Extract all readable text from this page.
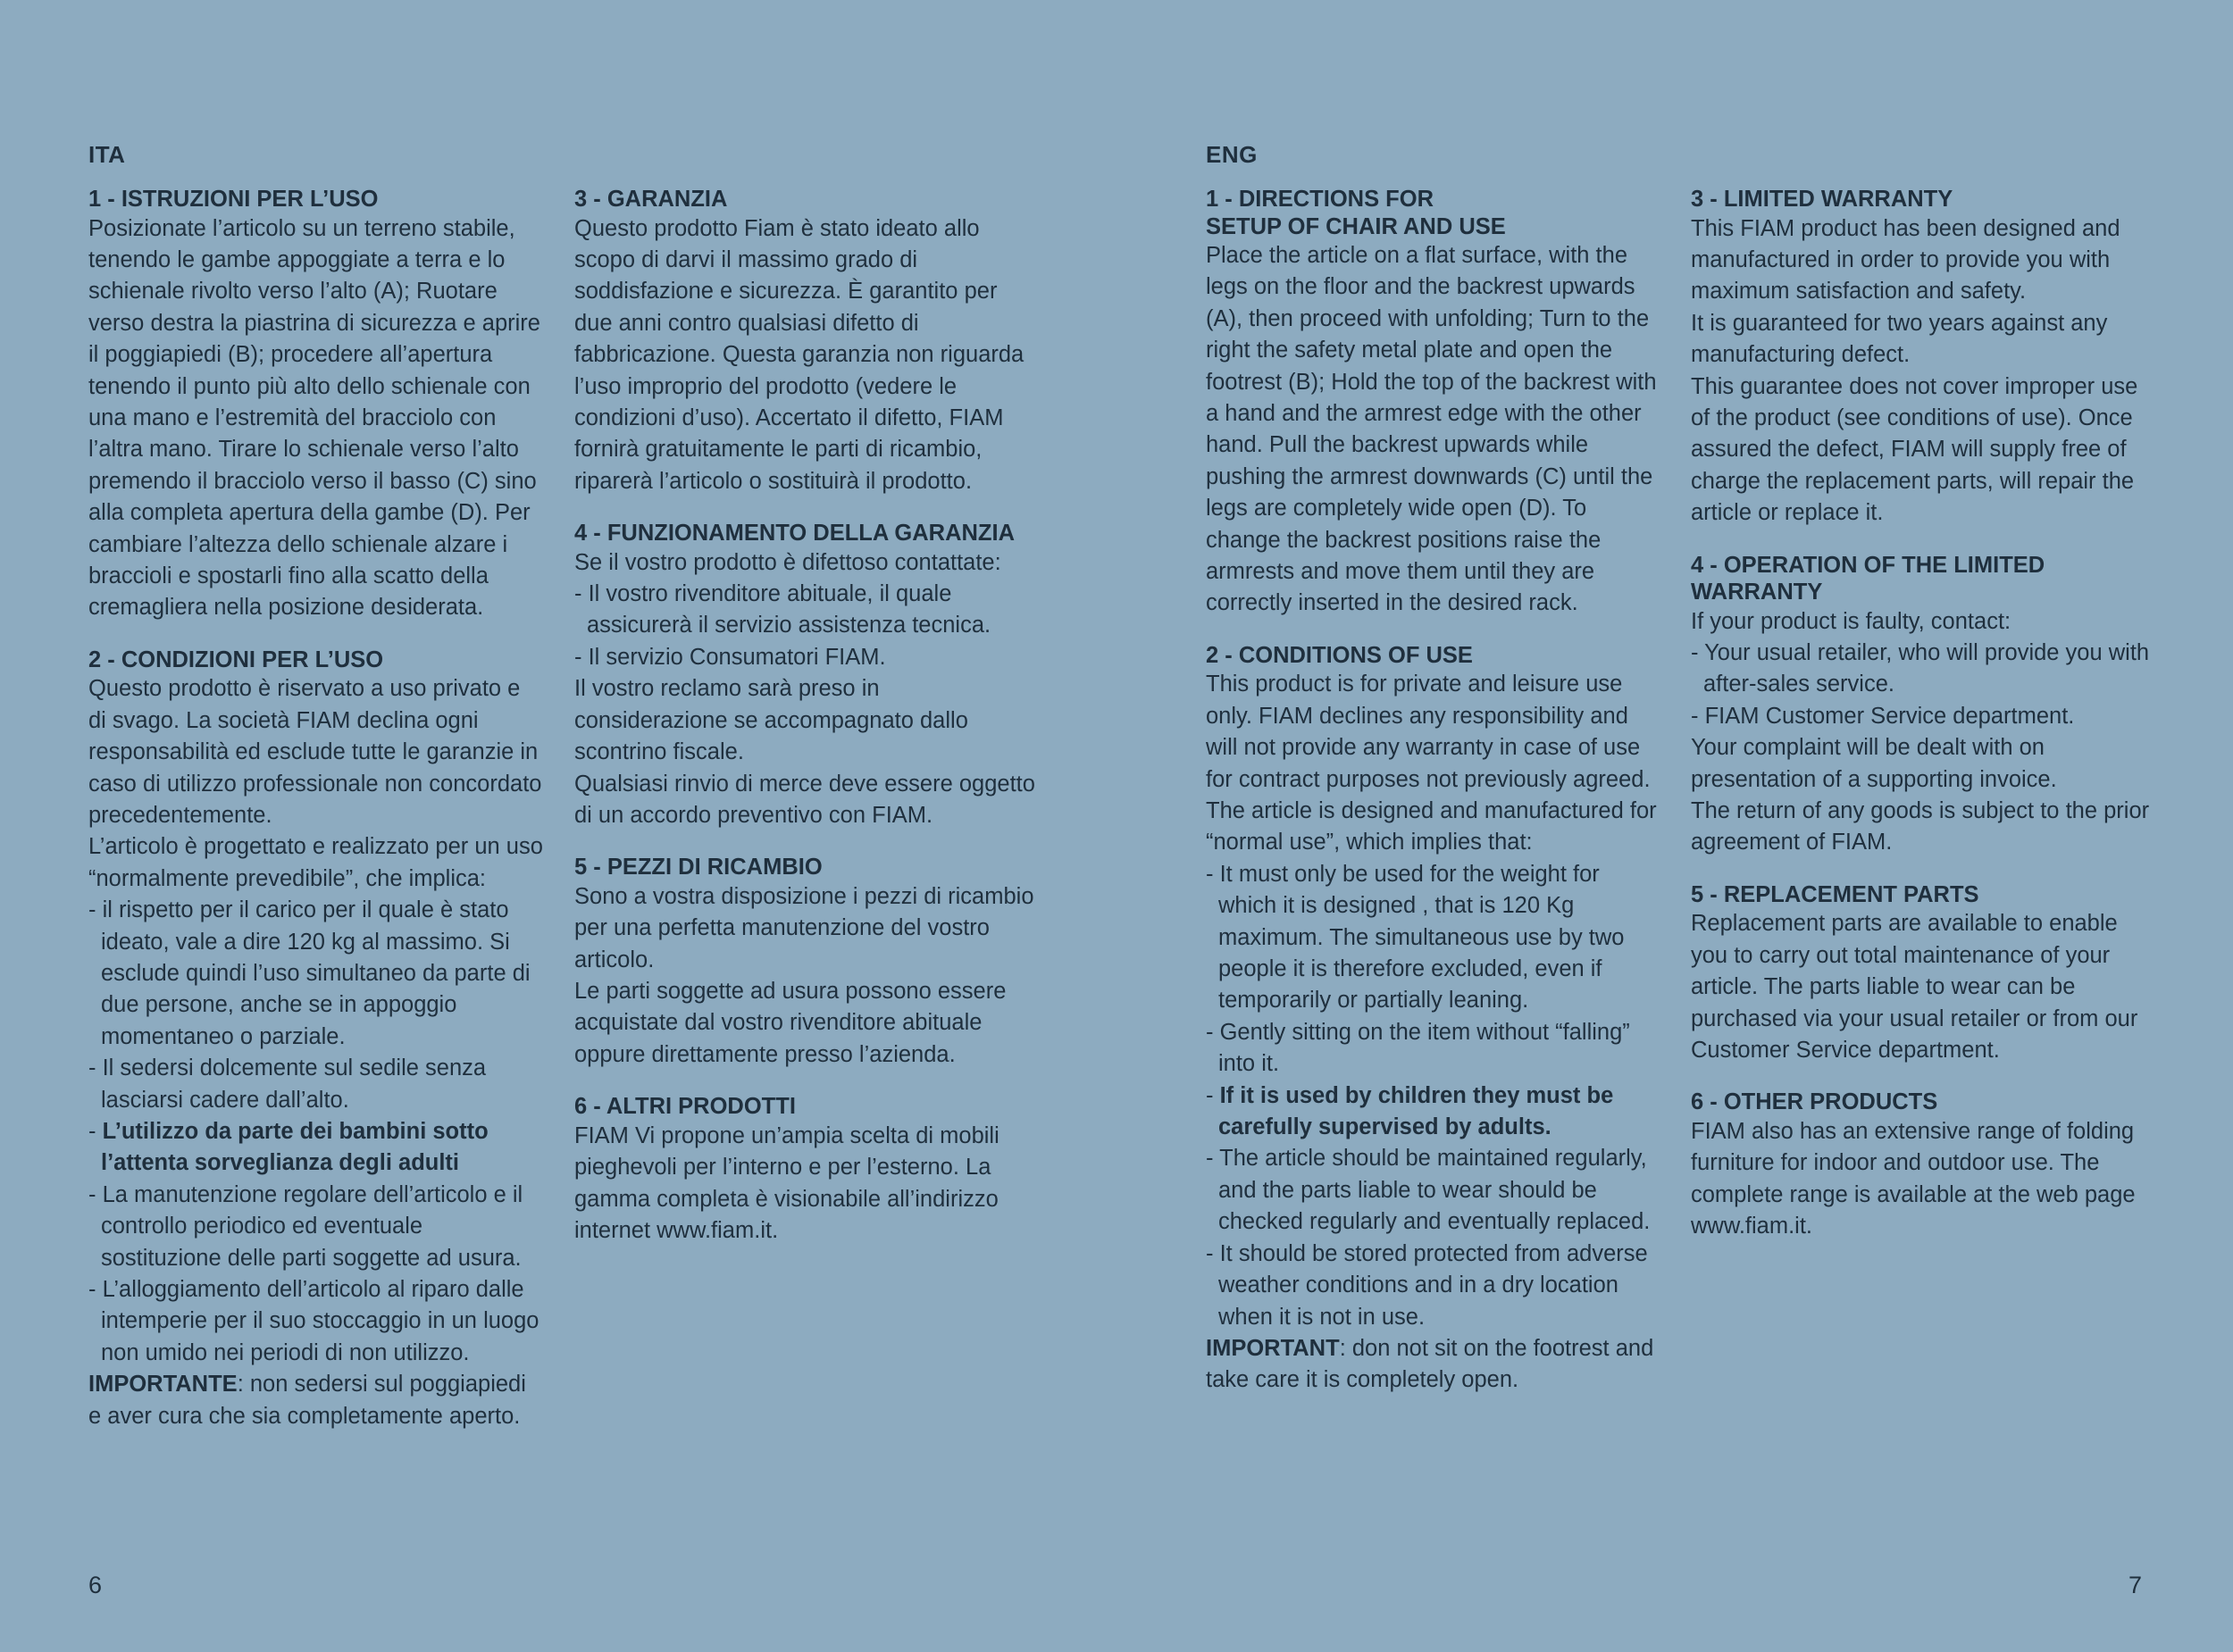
ITA
1 - ISTRUZIONI PER L’USO

Posizionate l’articolo su un terreno stabile, tenendo le gambe appoggiate a terra e lo schienale rivolto verso l’alto (A); Ruotare verso destra la piastrina di sicurezza e aprire il poggiapiedi (B); procedere all’apertura tenendo il punto più alto dello schienale con una mano e l’estremità del bracciolo con l’altra mano. Tirare lo schienale verso l’alto premendo il bracciolo verso il basso (C) sino alla completa apertura della gambe (D). Per cambiare l’altezza dello schienale alzare i braccioli e spostarli fino alla scatto della cremagliera nella posizione desiderata.

2 - CONDIZIONI PER L’USO

Questo prodotto è riservato a uso privato e di svago. La società FIAM declina ogni responsabilità ed esclude tutte le garanzie in caso di utilizzo professionale non concordato precedentemente.

L’articolo è progettato e realizzato per un uso “normalmente prevedibile”, che implica:

- il rispetto per il carico per il quale è stato ideato, vale a dire 120 kg al massimo. Si esclude quindi l’uso simultaneo da parte di due persone, anche se in appoggio momentaneo o parziale.

- Il sedersi dolcemente sul sedile senza lasciarsi cadere dall’alto.

- L’utilizzo da parte dei bambini sotto l’attenta sorveglianza degli adulti

- La manutenzione regolare dell’articolo e il controllo periodico ed eventuale sostituzione delle parti soggette ad usura.

- L’alloggiamento dell’articolo al riparo dalle intemperie per il suo stoccaggio in un luogo non umido nei periodi di non utilizzo.

IMPORTANTE: non sedersi sul poggiapiedi e aver cura che sia completamente aperto.

3 - GARANZIA

Questo prodotto Fiam è stato ideato allo scopo di darvi il massimo grado di soddisfazione e sicurezza. È garantito per due anni contro qualsiasi difetto di fabbricazione. Questa garanzia non riguarda l’uso improprio del prodotto (vedere le condizioni d’uso). Accertato il difetto, FIAM fornirà gratuitamente le parti di ricambio, riparerà l’articolo o sostituirà il prodotto.

4 - FUNZIONAMENTO DELLA GARANZIA

Se il vostro prodotto è difettoso contattate:

- Il vostro rivenditore abituale, il quale assicurerà il servizio assistenza tecnica.

- Il servizio Consumatori FIAM.

Il vostro reclamo sarà preso in considerazione se accompagnato dallo scontrino fiscale.

Qualsiasi rinvio di merce deve essere oggetto di un accordo preventivo con FIAM.

5 - PEZZI DI RICAMBIO

Sono a vostra disposizione i pezzi di ricambio per una perfetta manutenzione del vostro articolo.

Le parti soggette ad usura possono essere acquistate dal vostro rivenditore abituale oppure direttamente presso l’azienda.

6 - ALTRI PRODOTTI

FIAM Vi propone un’ampia scelta di mobili pieghevoli per l’interno e per l’esterno. La gamma completa è visionabile all’indirizzo internet www.fiam.it.

6
ENG
1 - DIRECTIONS FOR SETUP OF CHAIR AND USE

Place the article on a flat surface, with the legs on the floor and the backrest upwards (A), then proceed with unfolding; Turn to the right the safety metal plate and open the footrest (B); Hold the top of the backrest with a hand and the armrest edge with the other hand. Pull the backrest upwards while pushing the armrest downwards (C) until the legs are completely wide open (D). To change the backrest positions raise the armrests and move them until they are correctly inserted in the desired rack.

2 - CONDITIONS OF USE

This product is for private and leisure use only. FIAM declines any responsibility and will not provide any warranty in case of use for contract purposes not previously agreed.

The article is designed and manufactured for “normal use”, which implies that:

- It must only be used for the weight for which it is designed , that is 120 Kg maximum. The simultaneous use by two people it is therefore excluded, even if temporarily or partially leaning.

- Gently sitting on the item without “falling” into it.

- If it is used by children they must be carefully supervised by adults.

- The article should be maintained regularly, and the parts liable to wear should be checked regularly and eventually replaced.

- It should be stored protected from adverse weather conditions and in a dry location when it is not in use.

IMPORTANT: don not sit on the footrest and take care it is completely open.

3 - LIMITED WARRANTY

This FIAM product has been designed and manufactured in order to provide you with maximum satisfaction and safety.

It is guaranteed for two years against any manufacturing defect.

This guarantee does not cover improper use of the product (see conditions of use). Once assured the defect, FIAM will supply free of charge the replacement parts, will repair the article or replace it.

4 - OPERATION OF THE LIMITED WARRANTY

If your product is faulty, contact:

- Your usual retailer, who will provide you with after-sales service.

- FIAM Customer Service department.

Your complaint will be dealt with on presentation of a supporting invoice.

The return of any goods is subject to the prior agreement of FIAM.

5 - REPLACEMENT PARTS

Replacement parts are available to enable you to carry out total maintenance of your article. The parts liable to wear can be purchased via your usual retailer or from our Customer Service department.

6 - OTHER PRODUCTS

FIAM also has an extensive range of folding furniture for indoor and outdoor use. The complete range is available at the web page www.fiam.it.

7
